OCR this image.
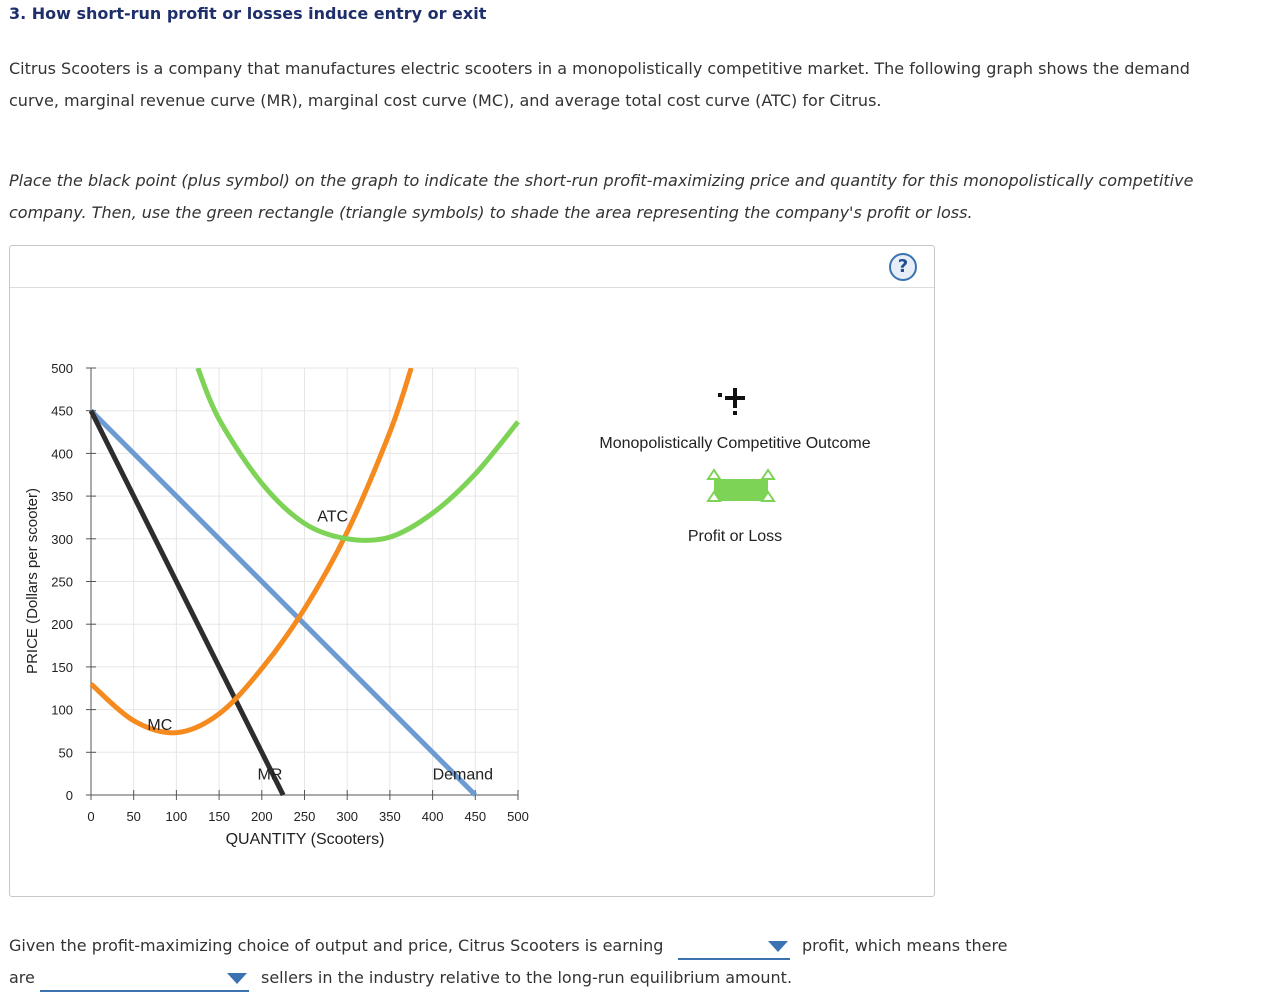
3. How short-run profit or losses induce entry or exit

Citrus Scooters is a company that manufactures electric scooters in a monopolistically competitive market. The following graph shows the demand curve, marginal revenue curve (MR), marginal cost curve (MC), and average total cost curve (ATC) for Citrus.

Place the black point (plus symbol) on the graph to indicate the short-run profit-maximizing price and quantity for this monopolistically competitive company. Then, use the green rectangle (triangle symbols) to shade the area representing the company's profit or loss.

?
0 50 100 150 200 250 300 350 400 450 500
0
50
100
150
200
250
300
350
400
450
500
Demand
MR
MC
ATC
QUANTITY (Scooters)
PRICE (Dollars per scooter)
Monopolistically Competitive Outcome
Profit or Loss
Given the profit-maximizing choice of output and price, Citrus Scooters is earning	profit, which means there
are	sellers in the industry relative to the long-run equilibrium amount.
